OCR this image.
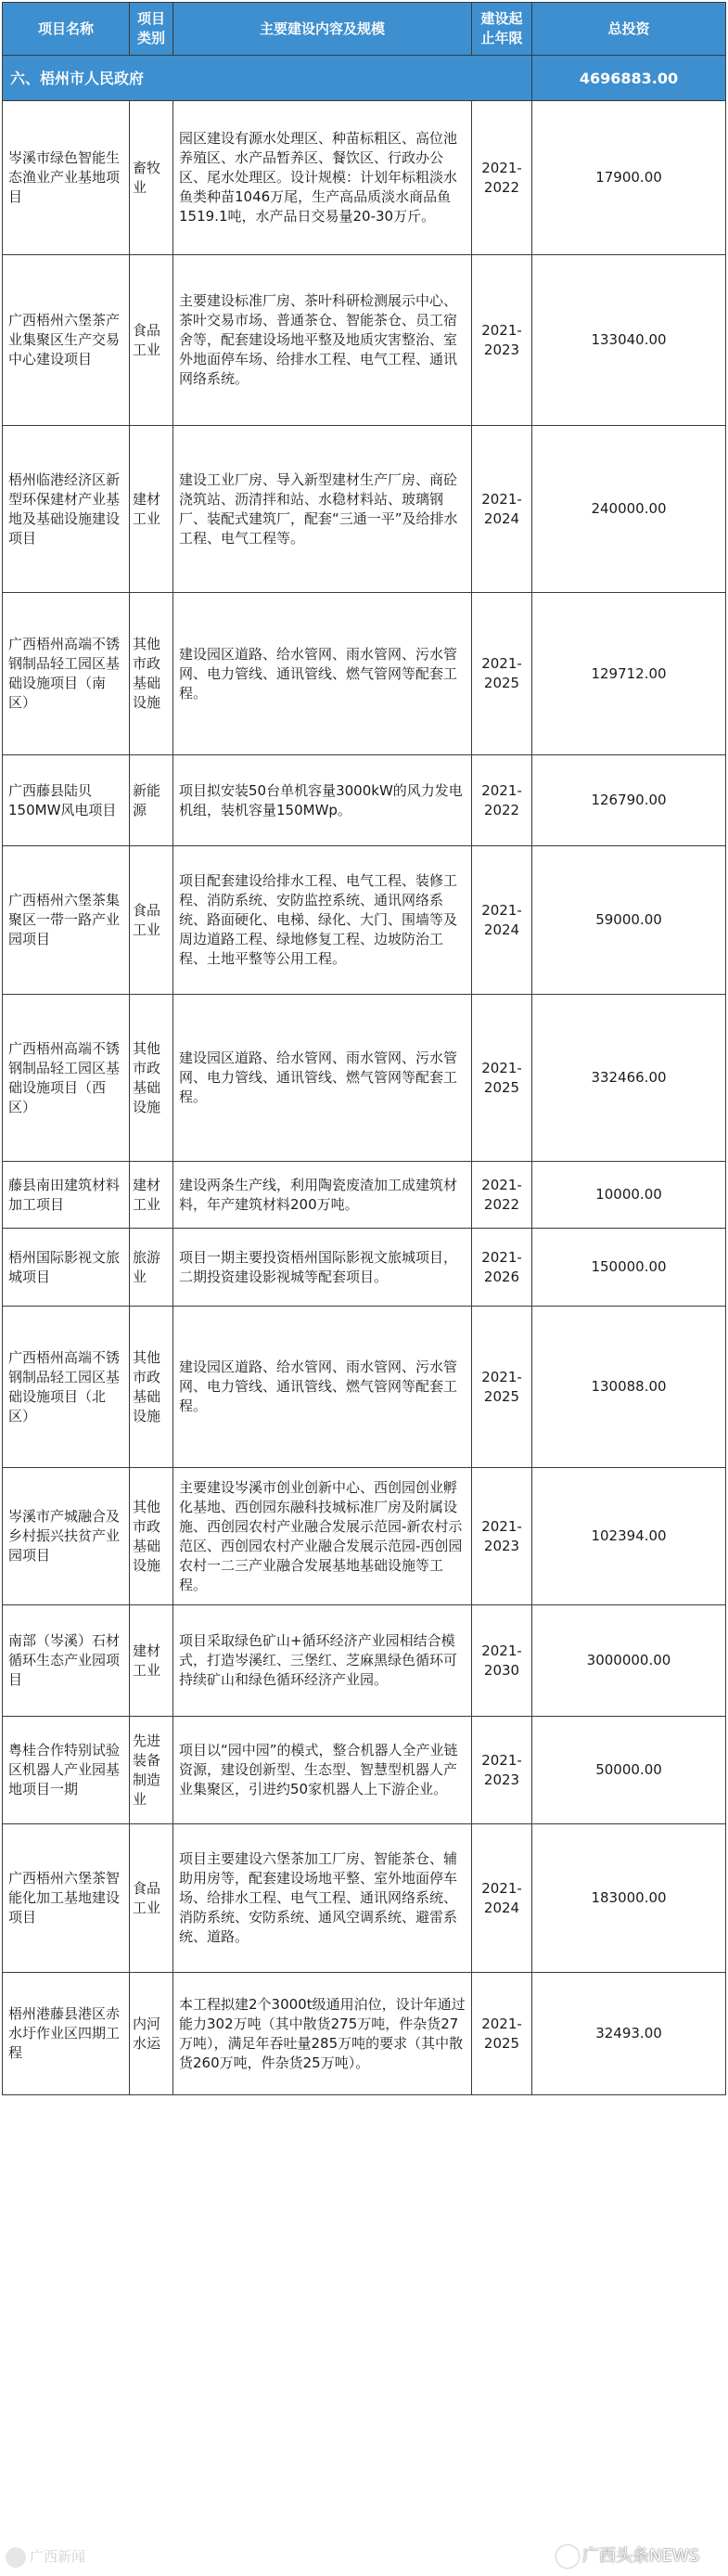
项目名称	项目类别	主要建设内容及规模	建设起止年限	总投资
六、梧州市人民政府				4696883.00
岑溪市绿色智能生态渔业产业基地项目	畜牧业	园区建设有源水处理区、种苗标粗区、高位池养殖区、水产品暂养区、餐饮区、行政办公区、尾水处理区。设计规模：计划年标粗淡水鱼类种苗1046万尾，生产高品质淡水商品鱼1519.1吨，水产品日交易量20-30万斤。	2021-2022	17900.00
广西梧州六堡茶产业集聚区生产交易中心建设项目	食品工业	主要建设标准厂房、茶叶科研检测展示中心、茶叶交易市场、普通茶仓、智能茶仓、员工宿舍等，配套建设场地平整及地质灾害整治、室外地面停车场、给排水工程、电气工程、通讯网络系统。	2021-2023	133040.00
梧州临港经济区新型环保建材产业基地及基础设施建设项目	建材工业	建设工业厂房、导入新型建材生产厂房、商砼浇筑站、沥清拌和站、水稳材料站、玻璃钢厂、装配式建筑厂，配套“三通一平”及给排水工程、电气工程等。	2021-2024	240000.00
广西梧州高端不锈钢制品轻工园区基础设施项目（南区）	其他市政基础设施	建设园区道路、给水管网、雨水管网、污水管网、电力管线、通讯管线、燃气管网等配套工程。	2021-2025	129712.00
广西藤县陆贝150MW风电项目	新能源	项目拟安装50台单机容量3000kW的风力发电机组，装机容量150MWp。	2021-2022	126790.00
广西梧州六堡茶集聚区一带一路产业园项目	食品工业	项目配套建设给排水工程、电气工程、装修工程、消防系统、安防监控系统、通讯网络系统、路面硬化、电梯、绿化、大门、围墙等及周边道路工程、绿地修复工程、边坡防治工程、土地平整等公用工程。	2021-2024	59000.00
广西梧州高端不锈钢制品轻工园区基础设施项目（西区）	其他市政基础设施	建设园区道路、给水管网、雨水管网、污水管网、电力管线、通讯管线、燃气管网等配套工程。	2021-2025	332466.00
藤县南田建筑材料加工项目	建材工业	建设两条生产线，利用陶瓷废渣加工成建筑材料，年产建筑材料200万吨。	2021-2022	10000.00
梧州国际影视文旅城项目	旅游业	项目一期主要投资梧州国际影视文旅城项目，二期投资建设影视城等配套项目。	2021-2026	150000.00
广西梧州高端不锈钢制品轻工园区基础设施项目（北区）	其他市政基础设施	建设园区道路、给水管网、雨水管网、污水管网、电力管线、通讯管线、燃气管网等配套工程。	2021-2025	130088.00
岑溪市产城融合及乡村振兴扶贫产业园项目	其他市政基础设施	主要建设岑溪市创业创新中心、西创园创业孵化基地、西创园东融科技城标准厂房及附属设施、西创园农村产业融合发展示范园-新农村示范区、西创园农村产业融合发展示范园-西创园农村一二三产业融合发展基地基础设施等工程。	2021-2023	102394.00
南部（岑溪）石材循环生态产业园项目	建材工业	项目采取绿色矿山+循环经济产业园相结合模式，打造岑溪红、三堡红、芝麻黑绿色循环可持续矿山和绿色循环经济产业园。	2021-2030	3000000.00
粤桂合作特别试验区机器人产业园基地项目一期	先进装备制造业	项目以“园中园”的模式，整合机器人全产业链资源，建设创新型、生态型、智慧型机器人产业集聚区，引进约50家机器人上下游企业。	2021-2023	50000.00
广西梧州六堡茶智能化加工基地建设项目	食品工业	项目主要建设六堡茶加工厂房、智能茶仓、辅助用房等，配套建设场地平整、室外地面停车场、给排水工程、电气工程、通讯网络系统、消防系统、安防系统、通风空调系统、避雷系统、道路。	2021-2024	183000.00
梧州港藤县港区赤水圩作业区四期工程	内河水运	本工程拟建2个3000t级通用泊位，设计年通过能力302万吨（其中散货275万吨，件杂货27万吨），满足年吞吐量285万吨的要求（其中散货260万吨，件杂货25万吨）。	2021-2025	32493.00
广西新闻	广西头条NEWS
